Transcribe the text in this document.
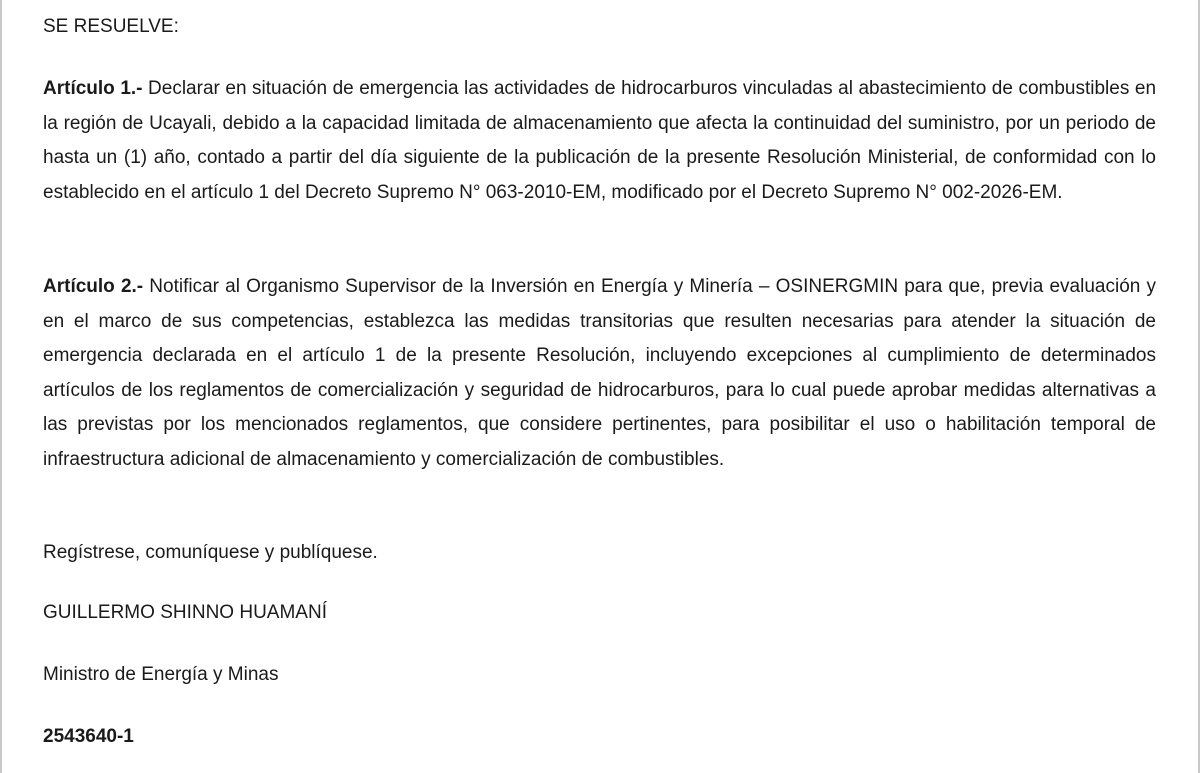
SE RESUELVE:

Artículo 1.- Declarar en situación de emergencia las actividades de hidrocarburos vinculadas al abastecimiento de combustibles en la región de Ucayali, debido a la capacidad limitada de almacenamiento que afecta la continuidad del suministro, por un periodo de hasta un (1) año, contado a partir del día siguiente de la publicación de la presente Resolución Ministerial, de conformidad con lo establecido en el artículo 1 del Decreto Supremo N° 063-2010-EM, modificado por el Decreto Supremo N° 002-2026-EM.

Artículo 2.- Notificar al Organismo Supervisor de la Inversión en Energía y Minería – OSINERGMIN para que, previa evaluación y en el marco de sus competencias, establezca las medidas transitorias que resulten necesarias para atender la situación de emergencia declarada en el artículo 1 de la presente Resolución, incluyendo excepciones al cumplimiento de determinados artículos de los reglamentos de comercialización y seguridad de hidrocarburos, para lo cual puede aprobar medidas alternativas a las previstas por los mencionados reglamentos, que considere pertinentes, para posibilitar el uso o habilitación temporal de infraestructura adicional de almacenamiento y comercialización de combustibles.

Regístrese, comuníquese y publíquese.

GUILLERMO SHINNO HUAMANÍ

Ministro de Energía y Minas

2543640-1
